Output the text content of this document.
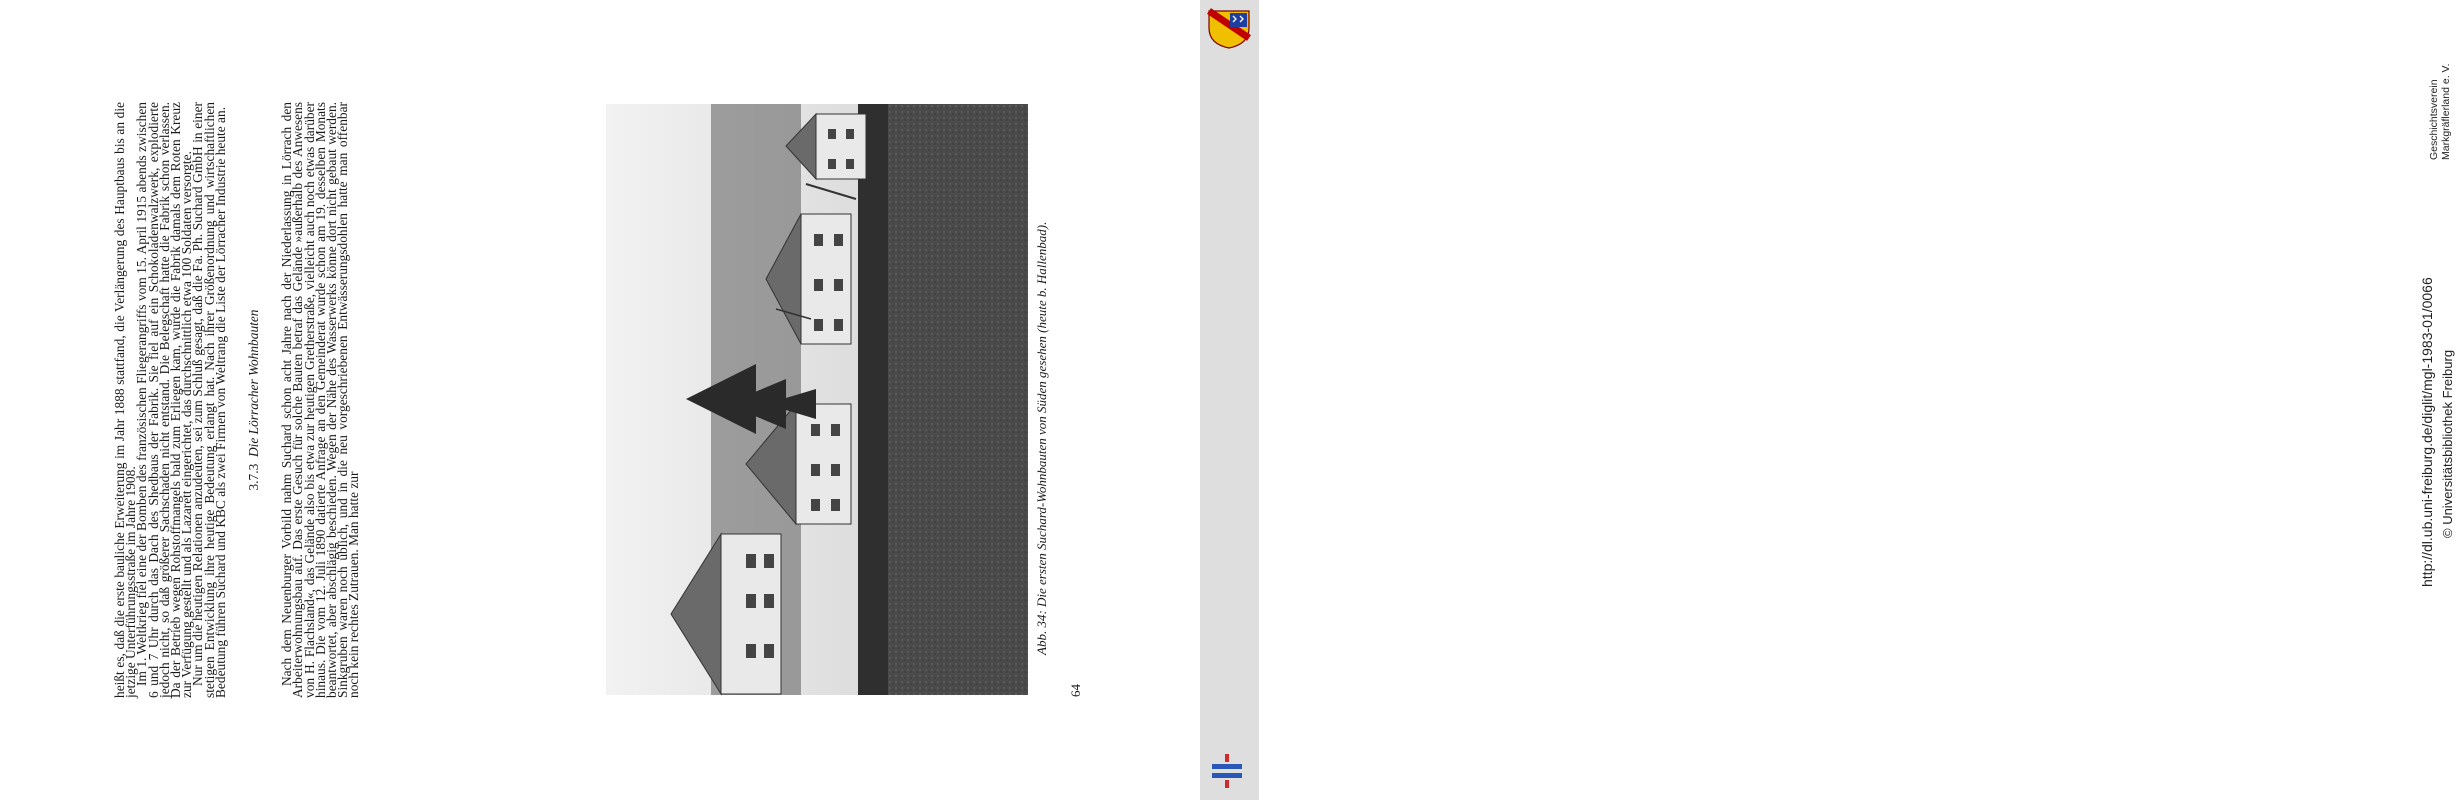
heißt es, daß die erste bauliche Erweiterung im Jahr 1888 stattfand, die Verlängerung des Hauptbaus bis an die jetzige Unterführungsstraße im Jahre 1908.

Im 1. Weltkrieg fiel eine der Bomben des französischen Fliegerangriffs vom 15. April 1915 abends zwischen 6 und 7 Uhr durch das Dach des Shedbaus der Fabrik. Sie fiel auf ein Schokoladenwalzwerk, explodierte jedoch nicht, so daß größerer Sachschaden nicht entstand. Die Belegschaft hatte die Fabrik schon verlassen. Da der Betrieb wegen Rohstoffmangels bald zum Erliegen kam, wurde die Fabrik damals dem Roten Kreuz zur Verfügung gestellt und als Lazarett eingerichtet, das durchschnittlich etwa 100 Soldaten versorgte.

Nur um die heutigen Relationen anzudeuten, sei zum Schluß gesagt, daß die Fa. Ph. Suchard GmbH in einer stetigen Entwicklung ihre heutige Bedeutung erlangt hat. Nach ihrer Größenordnung und wirtschaftlichen Bedeutung führen Suchard und KBC als zwei Firmen von Weltrang die Liste der Lörracher Industrie heute an. 3.7.3  Die Lörracher Wohnbauten Nach dem Neuenburger Vorbild nahm Suchard schon acht Jahre nach der Niederlassung in Lörrach den Arbeiterwohnungsbau auf. Das erste Gesuch für solche Bauten betraf das Gelände »außerhalb des Anwesens von H. Flachsland«, das Gelände also bis etwa zur heutigen Gretherstraße, vielleicht auch noch etwas darüber hinaus. Die vom 12. Juli 1890 datierte Anfrage an den Gemeinderat wurde schon am 19. desselben Monats beantwortet, aber abschlägig beschieden. Wegen der Nähe des Wasserwerks könne dort nicht gebaut werden. Sinkgruben waren noch üblich, und in die neu vorgeschriebenen Entwässerungsdohlen hatte man offenbar noch kein rechtes Zutrauen. Man hatte zur	Abb. 34: Die ersten Suchard-Wohnbauten von Süden gesehen (heute b. Hallenbad).
64
Geschichtsverein Markgräflerland e. V.
http://dl.ub.uni-freiburg.de/diglit/mgl-1983-01/0066 © Universitätsbibliothek Freiburg
